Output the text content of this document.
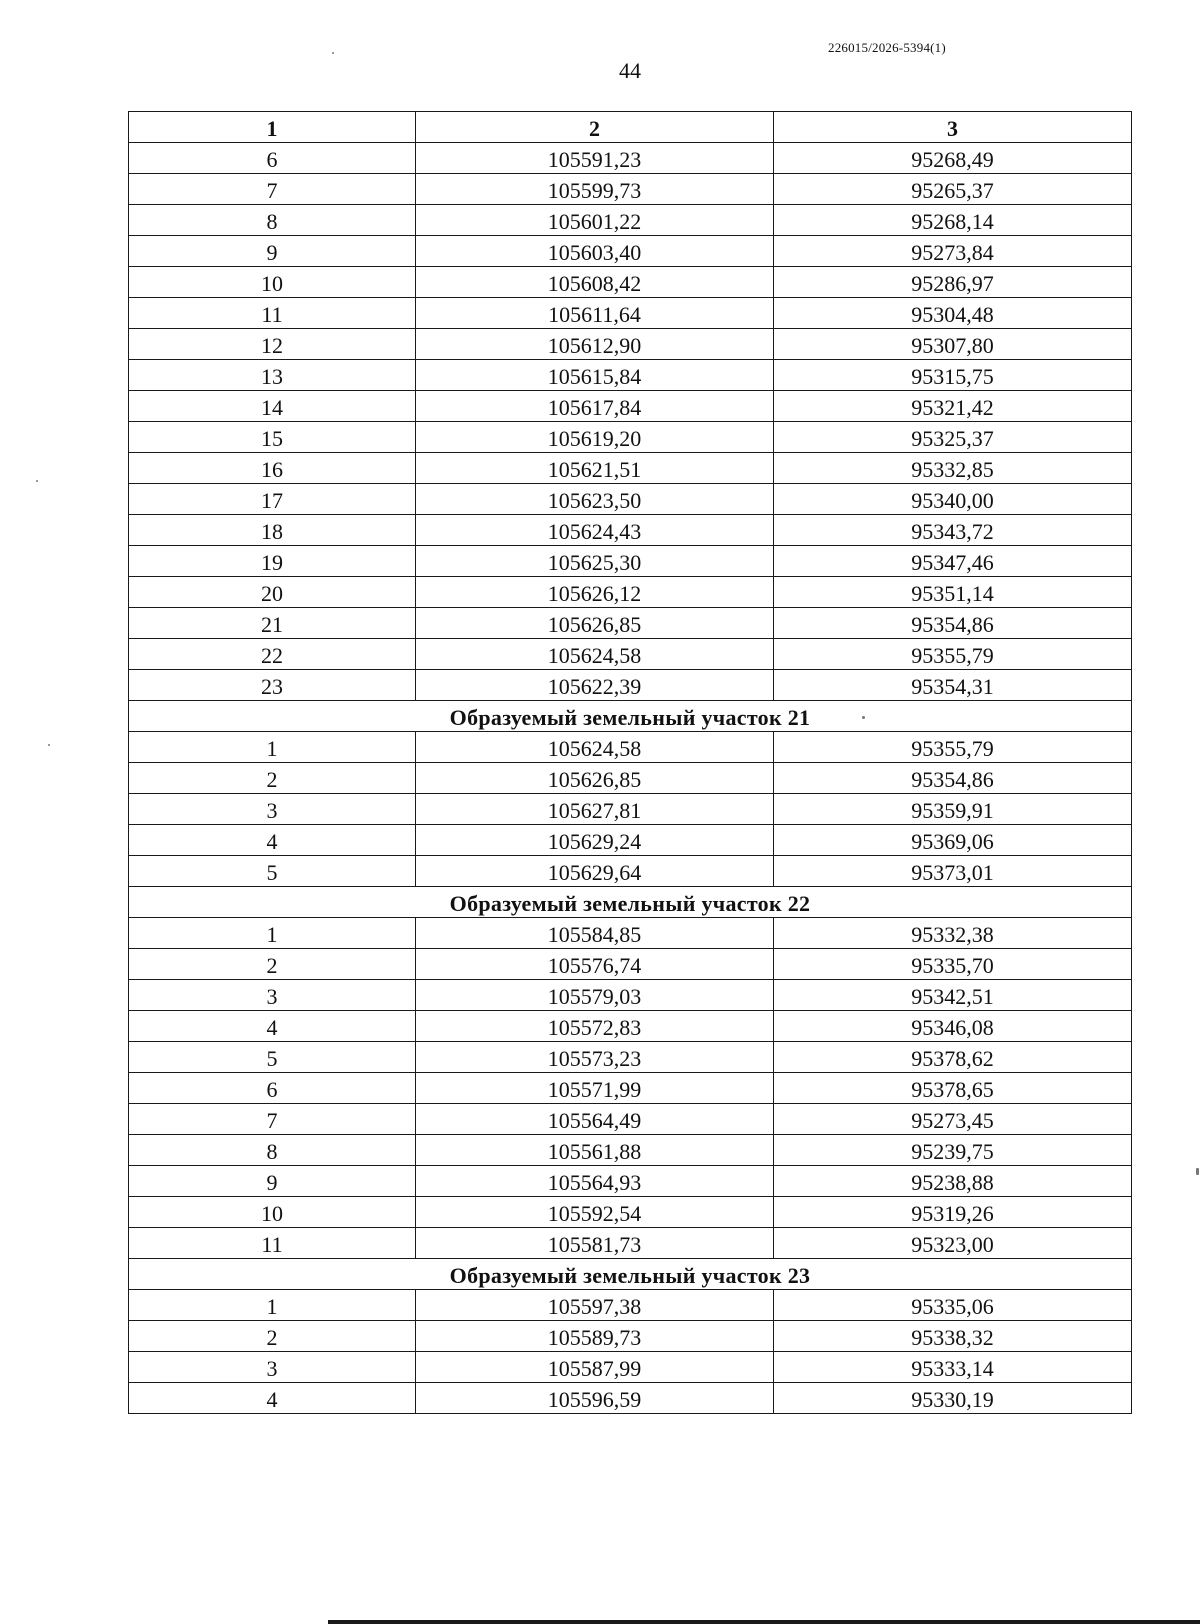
226015/2026-5394(1)
44
1	2	3
6	105591,23	95268,49
7	105599,73	95265,37
8	105601,22	95268,14
9	105603,40	95273,84
10	105608,42	95286,97
11	105611,64	95304,48
12	105612,90	95307,80
13	105615,84	95315,75
14	105617,84	95321,42
15	105619,20	95325,37
16	105621,51	95332,85
17	105623,50	95340,00
18	105624,43	95343,72
19	105625,30	95347,46
20	105626,12	95351,14
21	105626,85	95354,86
22	105624,58	95355,79
23	105622,39	95354,31
Образуемый земельный участок 21		
1	105624,58	95355,79
2	105626,85	95354,86
3	105627,81	95359,91
4	105629,24	95369,06
5	105629,64	95373,01
Образуемый земельный участок 22		
1	105584,85	95332,38
2	105576,74	95335,70
3	105579,03	95342,51
4	105572,83	95346,08
5	105573,23	95378,62
6	105571,99	95378,65
7	105564,49	95273,45
8	105561,88	95239,75
9	105564,93	95238,88
10	105592,54	95319,26
11	105581,73	95323,00
Образуемый земельный участок 23		
1	105597,38	95335,06
2	105589,73	95338,32
3	105587,99	95333,14
4	105596,59	95330,19
